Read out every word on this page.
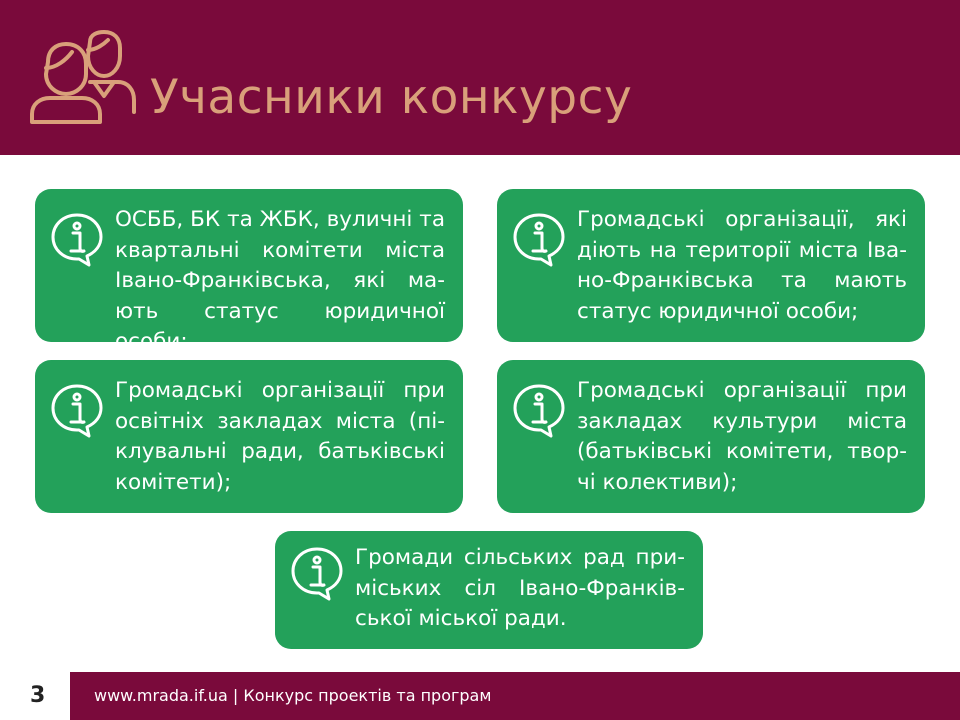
Учасники конкурсу
ОСББ, БК та ЖБК, вуличні та квартальні комітети міста Івано-Франківська, які ма-ють статус юридичної особи;
Громадські організації, які діють на території міста Іва-но-Франківська та мають статус юридичної особи;
Громадські організації при освітніх закладах міста (пі-клувальні ради, батьківські комітети);
Громадські організації при закладах культури міста (батьківські комітети, твор-чі колективи);
Громади сільських рад при-міських сіл Івано-Франків-ської міської ради.
3	www.mrada.if.ua | Конкурс проектів та програм
